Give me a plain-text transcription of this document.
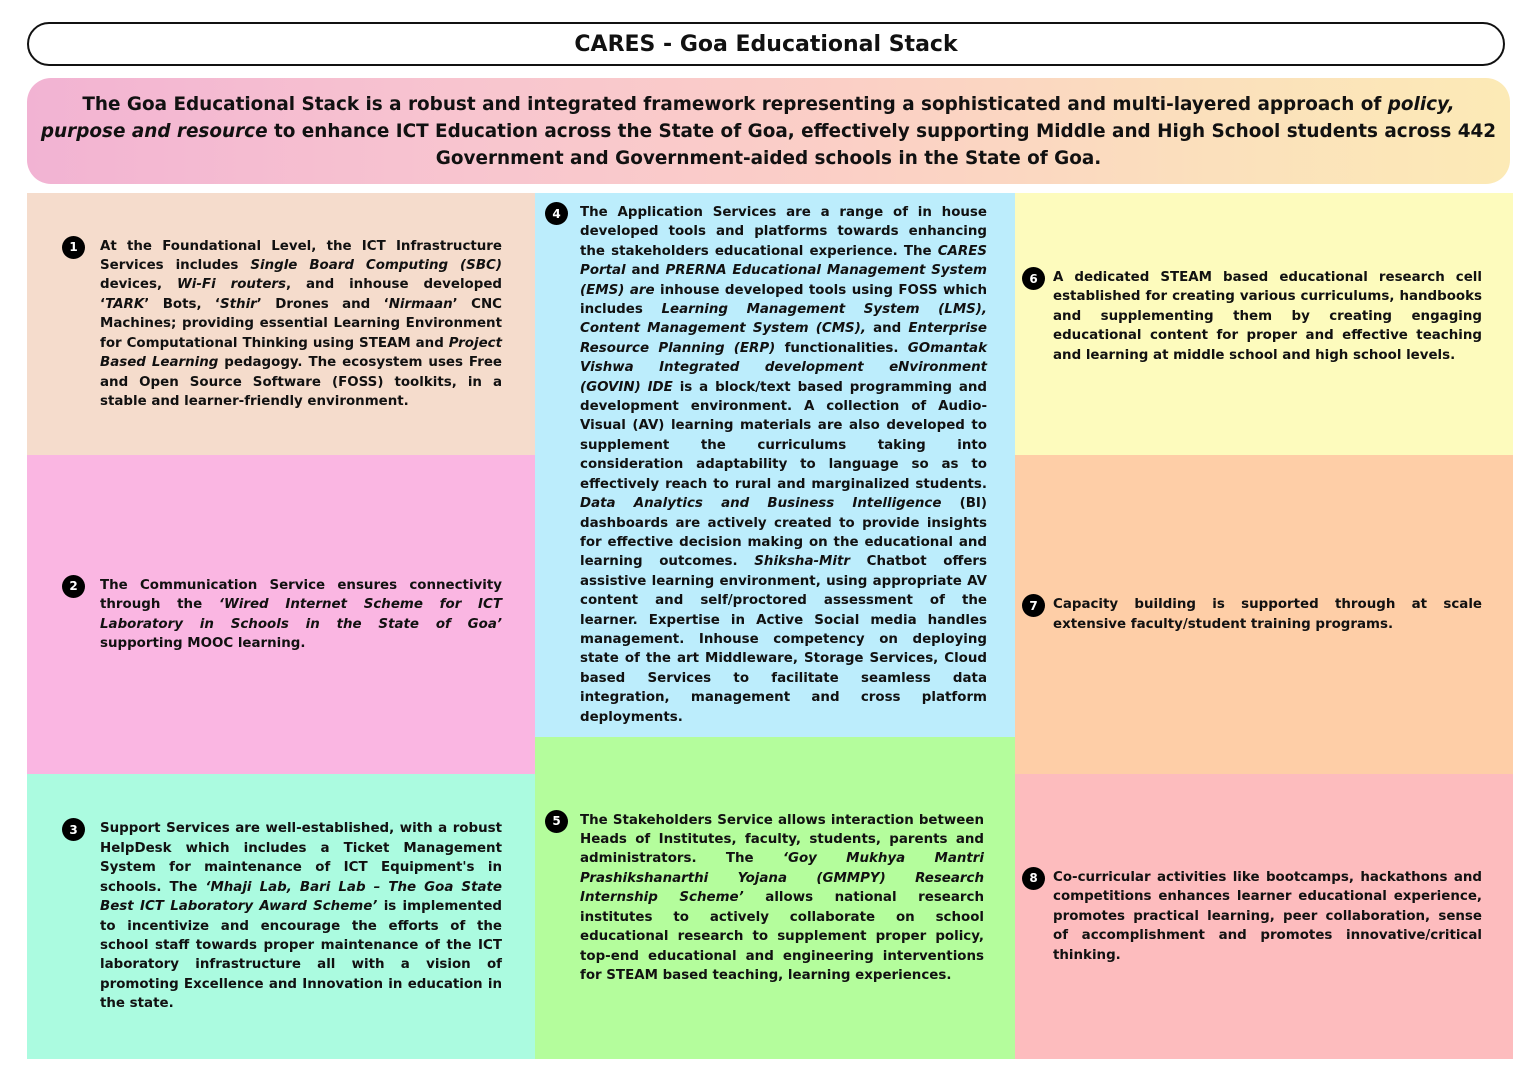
CARES - Goa Educational Stack
The Goa Educational Stack is a robust and integrated framework representing a sophisticated and multi-layered approach of policy, purpose and resource to enhance ICT Education across the State of Goa, effectively supporting Middle and High School students across 442 Government and Government-aided schools in the State of Goa.
1	At the Foundational Level, the ICT Infrastructure Services includes Single Board Computing (SBC) devices, Wi-Fi routers, and inhouse developed ‘TARK’ Bots, ‘Sthir’ Drones and ‘Nirmaan’ CNC Machines; providing essential Learning Environment for Computational Thinking using STEAM and Project Based Learning pedagogy. The ecosystem uses Free and Open Source Software (FOSS) toolkits, in a stable and learner-friendly environment.
2	The Communication Service ensures connectivity through the ‘Wired Internet Scheme for ICT Laboratory in Schools in the State of Goa’ supporting MOOC learning.
3	Support Services are well-established, with a robust HelpDesk which includes a Ticket Management System for maintenance of ICT Equipment's in schools. The ‘Mhaji Lab, Bari Lab – The Goa State Best ICT Laboratory Award Scheme’ is implemented to incentivize and encourage the efforts of the school staff towards proper maintenance of the ICT laboratory infrastructure all with a vision of promoting Excellence and Innovation in education in the state.
4	The Application Services are a range of in house developed tools and platforms towards enhancing the stakeholders educational experience. The CARES Portal and PRERNA Educational Management System (EMS) are inhouse developed tools using FOSS which includes Learning Management System (LMS), Content Management System (CMS), and Enterprise Resource Planning (ERP) functionalities. GOmantak Vishwa Integrated development eNvironment (GOVIN) IDE is a block/text based programming and development environment. A collection of Audio-Visual (AV) learning materials are also developed to supplement the curriculums taking into consideration adaptability to language so as to effectively reach to rural and marginalized students. Data Analytics and Business Intelligence (BI) dashboards are actively created to provide insights for effective decision making on the educational and learning outcomes. Shiksha-Mitr Chatbot offers assistive learning environment, using appropriate AV content and self/proctored assessment of the learner. Expertise in Active Social media handles management. Inhouse competency on deploying state of the art Middleware, Storage Services, Cloud based Services to facilitate seamless data integration, management and cross platform deployments.
5	The Stakeholders Service allows interaction between Heads of Institutes, faculty, students, parents and administrators. The ‘Goy Mukhya Mantri Prashikshanarthi Yojana (GMMPY) Research Internship Scheme’ allows national research institutes to actively collaborate on school educational research to supplement proper policy, top-end educational and engineering interventions for STEAM based teaching, learning experiences.
6	A dedicated STEAM based educational research cell established for creating various curriculums, handbooks and supplementing them by creating engaging educational content for proper and effective teaching and learning at middle school and high school levels.
7	Capacity building is supported through at scale extensive faculty/student training programs.
8	Co-curricular activities like bootcamps, hackathons and competitions enhances learner educational experience, promotes practical learning, peer collaboration, sense of accomplishment and promotes innovative/critical thinking.
